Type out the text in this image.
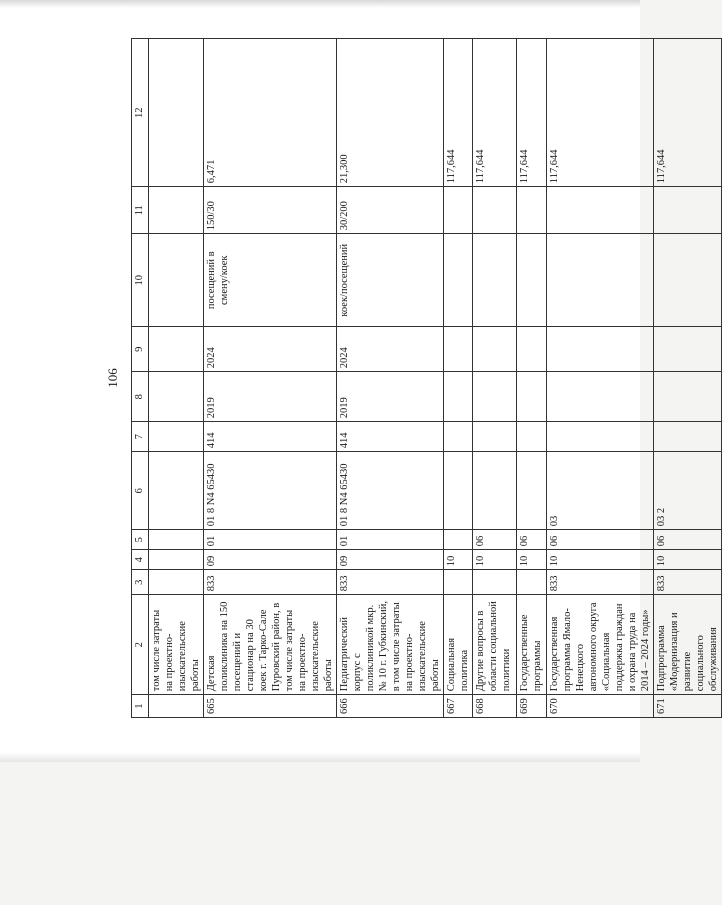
106
1	2	3	4	5	6	7	8	9	10	11	12
	том числе затраты на проектно-изыскательские работы										
665	Детская поликлиника на 150 посещений и стационар на 30 коек г. Тарко-Сале Пуровский район, в том числе затраты на проектно-изыскательские работы	833	09	01	01 8 N4 65430	414	2019	2024	посещений в смену/коек	150/30	6,471
666	Педиатрический корпус с поликлиникой мкр. № 10 г. Губкинский, в том числе затраты на проектно-изыскательские работы	833	09	01	01 8 N4 65430	414	2019	2024	коек/посещений	30/200	21,300
667	Социальная политика		10								117,644
668	Другие вопросы в области социальной политики		10	06							117,644
669	Государственные программы		10	06							117,644
670	Государственная программа Ямало-Ненецкого автономного округа «Социальная поддержка граждан и охрана труда на 2014 – 2024 годы»	833	10	06	03						117,644
671	Подпрограмма «Модернизация и развитие социального обслуживания	833	10	06	03 2						117,644
